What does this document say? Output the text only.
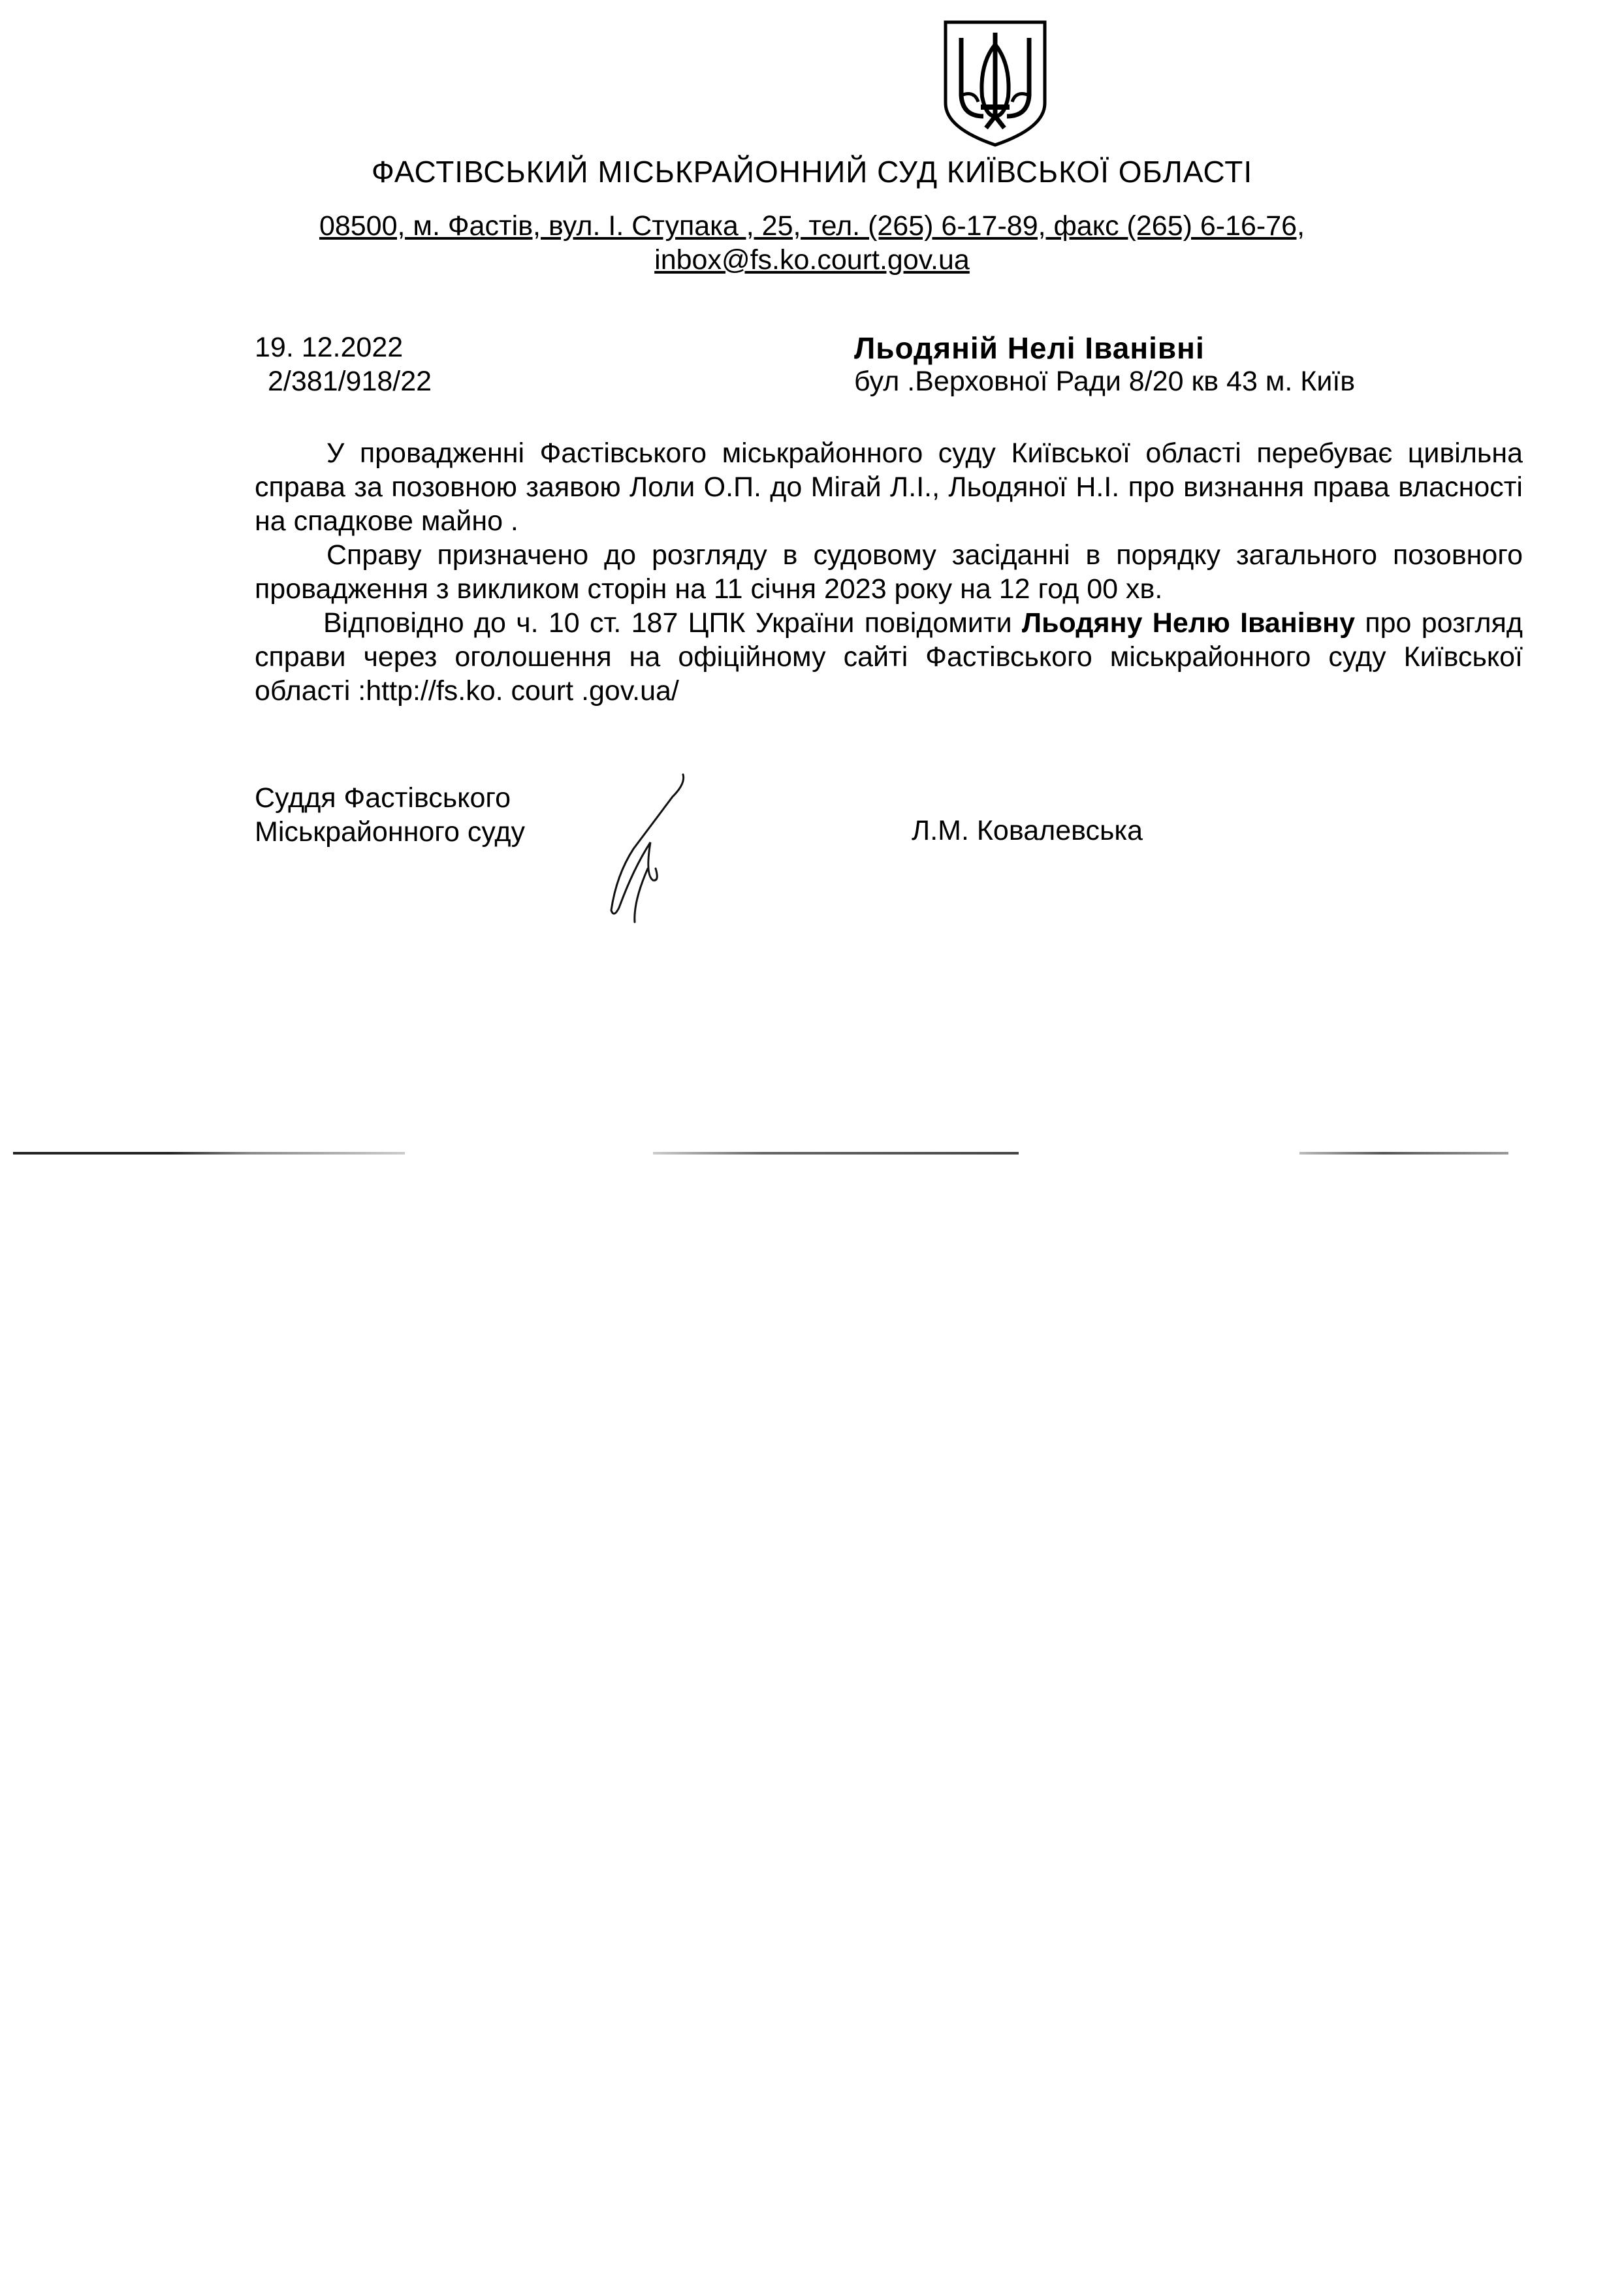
ФАСТІВСЬКИЙ МІСЬКРАЙОННИЙ СУД КИЇВСЬКОЇ ОБЛАСТІ
08500, м. Фастів, вул. І. Ступака , 25, тел. (265) 6-17-89, факс (265) 6-16-76,
inbox@fs.ko.court.gov.ua
19. 12.2022
2/381/918/22
Льодяній Нелі Іванівні
бул .Верховної Ради 8/20 кв 43 м. Київ

У провадженні Фастівського міськрайонного суду Київської області перебуває цивільна справа за позовною заявою Лоли О.П. до Мігай Л.І., Льодяної Н.І. про визнання права власності на спадкове майно .

Справу призначено до розгляду в судовому засіданні в порядку загального позовного провадження з викликом сторін на 11 січня 2023 року на 12 год 00 хв.

Відповідно до ч. 10 ст. 187 ЦПК України повідомити Льодяну Нелю Іванівну про розгляд справи через оголошення на офіційному сайті Фастівського міськрайонного суду Київської області :http://fs.ko. court .gov.ua/

Суддя Фастівського
Міськрайонного суду	Л.М. Ковалевська
